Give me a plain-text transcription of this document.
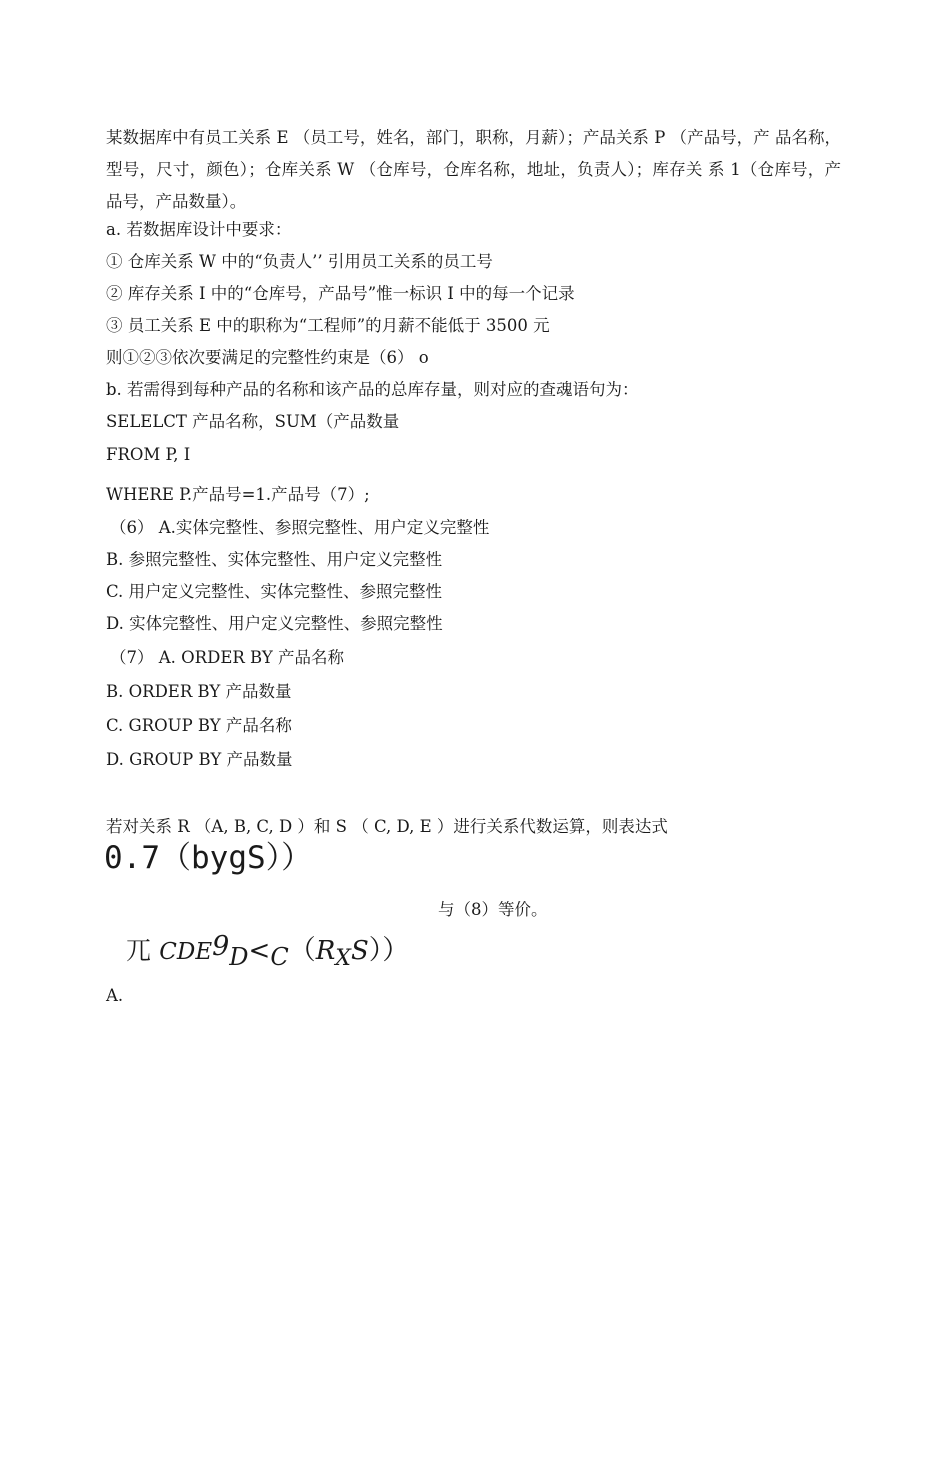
某数据库中有员工关系 E （员工号，姓名，部门，职称，月薪）；产品关系 P （产品号，产 品名称，型号，尺寸，颜色）；仓库关系 W （仓库号，仓库名称，地址，负责人）；库存关 系 1（仓库号，产品号，产品数量）。
a. 若数据库设计中要求：
① 仓库关系 W 中的“负责人’’ 引用员工关系的员工号
② 库存关系 I 中的“仓库号，产品号”惟一标识 I 中的每一个记录
③ 员工关系 E 中的职称为“工程师”的月薪不能低于 3500 元
则①②③依次要满足的完整性约束是（6） o
b. 若需得到每种产品的名称和该产品的总库存量，则对应的查魂语句为：
SELELCT 产品名称，SUM（产品数量
FROM P, I
WHERE P.产品号=1.产品号（7）;
（6） A.实体完整性、参照完整性、用户定义完整性
B. 参照完整性、实体完整性、用户定义完整性
C. 用户定义完整性、实体完整性、参照完整性
D. 实体完整性、用户定义完整性、参照完整性
（7） A. ORDER BY 产品名称
B. ORDER BY 产品数量
C. GROUP BY 产品名称
D. GROUP BY 产品数量
若对关系 R （A, B, C, D ）和 S （ C, D, E ）进行关系代数运算，则表达式
0.7（bygS））
与（8）等价。
兀 $CDE9D<C(R_XS)$）
A.
